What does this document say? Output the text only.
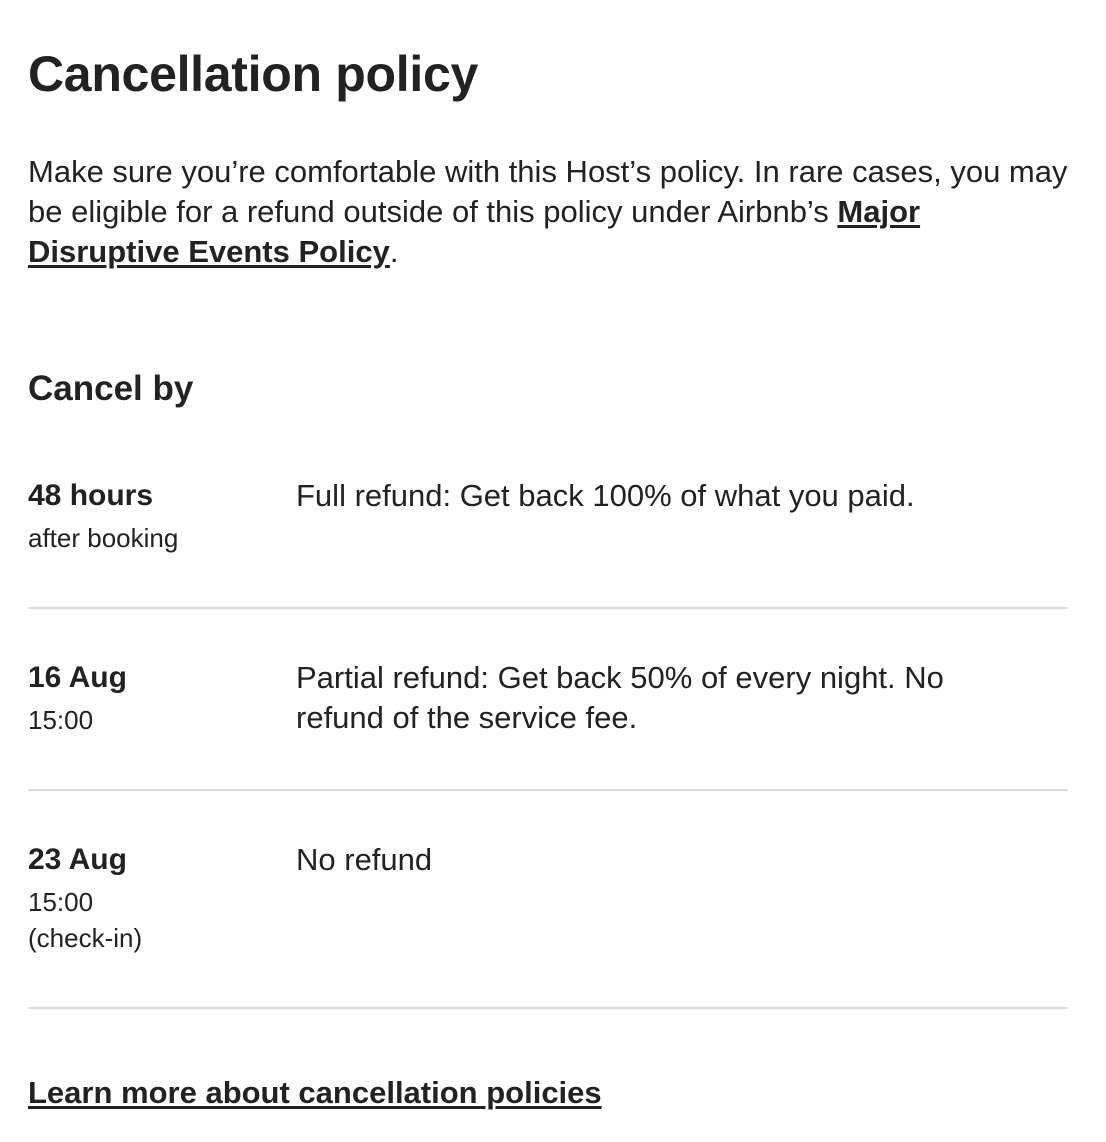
Cancellation policy

Make sure you’re comfortable with this Host’s policy. In rare cases, you may be eligible for a refund outside of this policy under Airbnb’s Major Disruptive Events Policy.

Cancel by
48 hours
after booking
Full refund: Get back 100% of what you paid.
16 Aug
15:00
Partial refund: Get back 50% of every night. No refund of the service fee.
23 Aug
15:00
(check-in)
No refund
Learn more about cancellation policies
